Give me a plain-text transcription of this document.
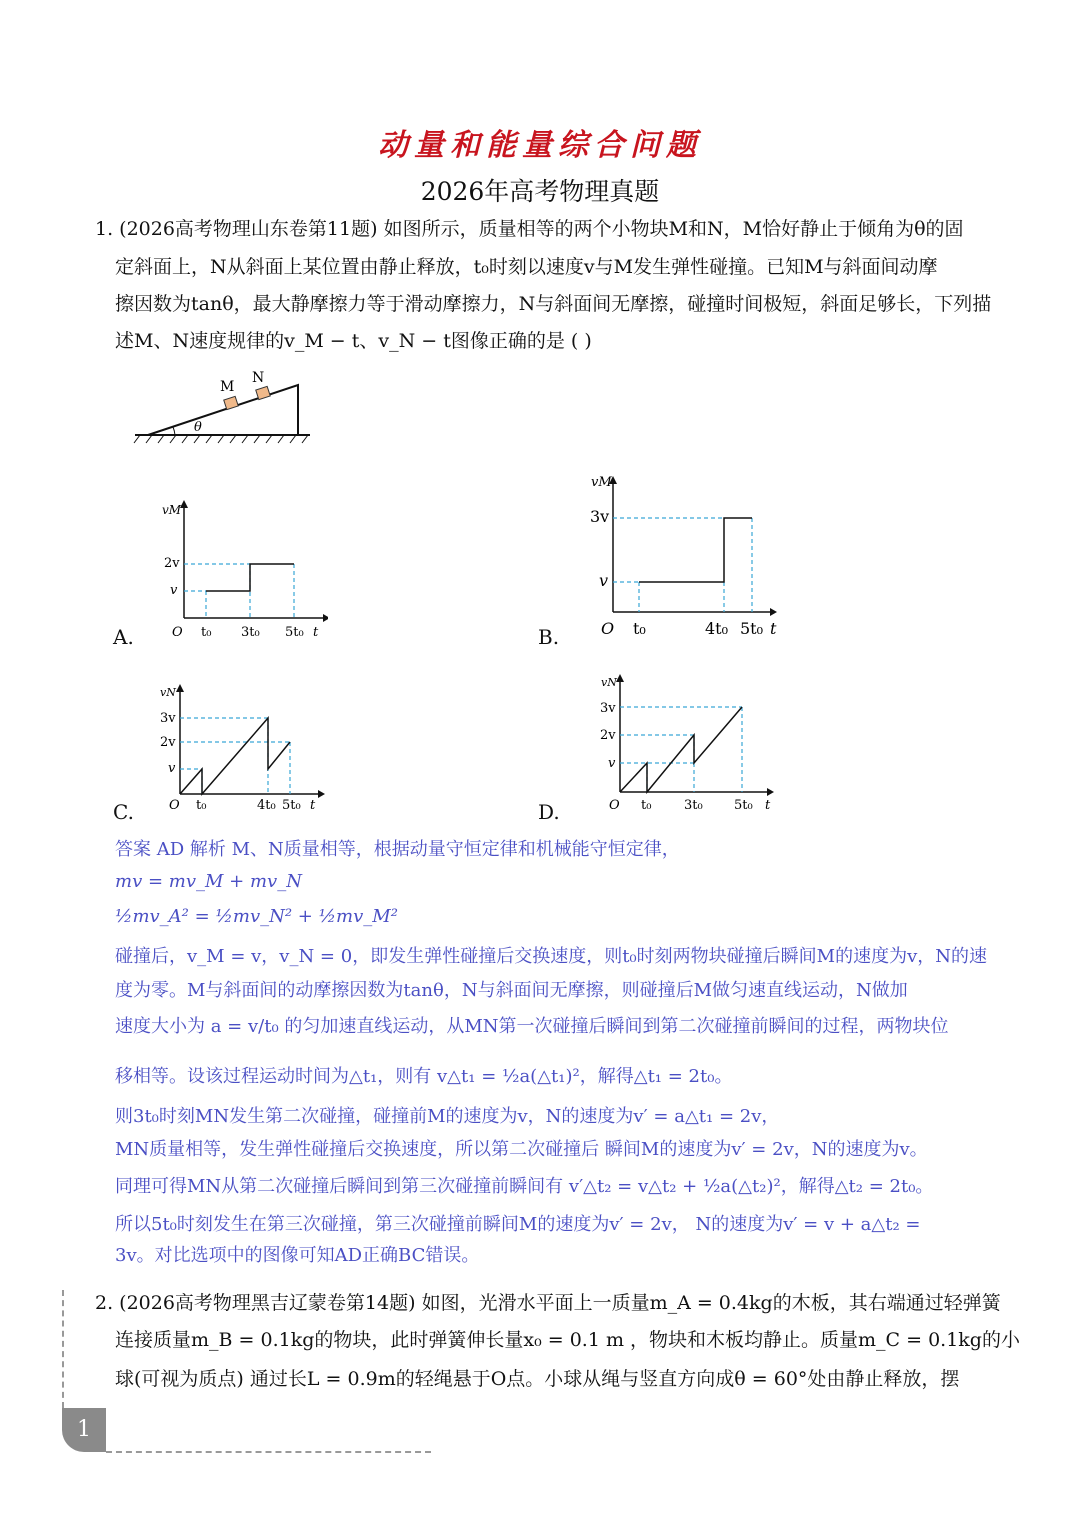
动量和能量综合问题
2026年高考物理真题
1. (2026高考物理山东卷第11题) 如图所示，质量相等的两个小物块M和N，M恰好静止于倾角为θ的固
定斜面上，N从斜面上某位置由静止释放，t₀时刻以速度v与M发生弹性碰撞。已知M与斜面间动摩
擦因数为tanθ，最大静摩擦力等于滑动摩擦力，N与斜面间无摩擦，碰撞时间极短，斜面足够长，下列描
述M、N速度规律的v_M − t、v_N − t图像正确的是 ( )
M
N
θ
A.
vM
2v
v
O t₀ 3t₀ 5t₀ t	B.
vM
3v
v
O t₀	4t₀ 5t₀ t
C.
vN
3v
2v
v
O t₀	4t₀ 5t₀ t	D.
vN
3v
2v
v
O t₀	3t₀ 5t₀ t
答案 AD 解析 M、N质量相等，根据动量守恒定律和机械能守恒定律，
mv = mv_M + mv_N
½mv_A² = ½mv_N² + ½mv_M²
碰撞后，v_M = v，v_N = 0，即发生弹性碰撞后交换速度，则t₀时刻两物块碰撞后瞬间M的速度为v，N的速
度为零。M与斜面间的动摩擦因数为tanθ，N与斜面间无摩擦，则碰撞后M做匀速直线运动，N做加
速度大小为 a = v/t₀ 的匀加速直线运动，从MN第一次碰撞后瞬间到第二次碰撞前瞬间的过程，两物块位
移相等。设该过程运动时间为△t₁，则有 v△t₁ = ½a(△t₁)²，解得△t₁ = 2t₀。
则3t₀时刻MN发生第二次碰撞，碰撞前M的速度为v，N的速度为v′ = a△t₁ = 2v，
MN质量相等，发生弹性碰撞后交换速度，所以第二次碰撞后 瞬间M的速度为v′ = 2v，N的速度为v。
同理可得MN从第二次碰撞后瞬间到第三次碰撞前瞬间有 v′△t₂ = v△t₂ + ½a(△t₂)²，解得△t₂ = 2t₀。
所以5t₀时刻发生在第三次碰撞，第三次碰撞前瞬间M的速度为v′ = 2v， N的速度为v′ = v + a△t₂ =
3v。对比选项中的图像可知AD正确BC错误。
2. (2026高考物理黑吉辽蒙卷第14题) 如图，光滑水平面上一质量m_A = 0.4kg的木板，其右端通过轻弹簧
连接质量m_B = 0.1kg的物块，此时弹簧伸长量x₀ = 0.1 m ，物块和木板均静止。质量m_C = 0.1kg的小
球(可视为质点) 通过长L = 0.9m的轻绳悬于O点。小球从绳与竖直方向成θ = 60°处由静止释放，摆
1
